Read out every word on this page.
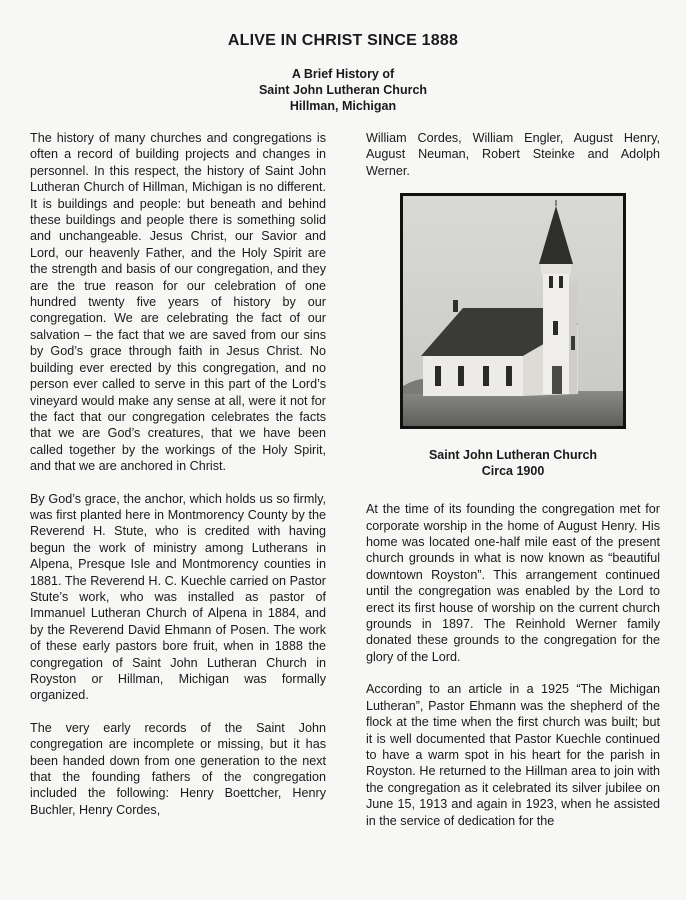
ALIVE IN CHRIST SINCE 1888
A Brief History of
Saint John Lutheran Church
Hillman, Michigan

The history of many churches and congregations is often a record of building projects and changes in personnel. In this respect, the history of Saint John Lutheran Church of Hillman, Michigan is no different. It is buildings and people: but beneath and behind these buildings and people there is something solid and unchangeable. Jesus Christ, our Savior and Lord, our heavenly Father, and the Holy Spirit are the strength and basis of our congregation, and they are the true reason for our celebration of one hundred twenty five years of history by our congregation. We are celebrating the fact of our salvation – the fact that we are saved from our sins by God’s grace through faith in Jesus Christ. No building ever erected by this congregation, and no person ever called to serve in this part of the Lord’s vineyard would make any sense at all, were it not for the fact that our congregation celebrates the facts that we are God’s creatures, that we have been called together by the workings of the Holy Spirit, and that we are anchored in Christ.

By God’s grace, the anchor, which holds us so firmly, was first planted here in Montmorency County by the Reverend H. Stute, who is credited with having begun the work of ministry among Lutherans in Alpena, Presque Isle and Montmorency counties in 1881. The Reverend H. C. Kuechle carried on Pastor Stute’s work, who was installed as pastor of Immanuel Lutheran Church of Alpena in 1884, and by the Reverend David Ehmann of Posen. The work of these early pastors bore fruit, when in 1888 the congregation of Saint John Lutheran Church in Royston or Hillman, Michigan was formally organized.

The very early records of the Saint John congregation are incomplete or missing, but it has been handed down from one generation to the next that the founding fathers of the congregation included the following: Henry Boettcher, Henry Buchler, Henry Cordes,

William Cordes, William Engler, August Henry, August Neuman, Robert Steinke and Adolph Werner.

Saint John Lutheran Church
Circa 1900

At the time of its founding the congregation met for corporate worship in the home of August Henry. His home was located one-half mile east of the present church grounds in what is now known as “beautiful downtown Royston”. This arrangement continued until the congregation was enabled by the Lord to erect its first house of worship on the current church grounds in 1897. The Reinhold Werner family donated these grounds to the congregation for the glory of the Lord.

According to an article in a 1925 “The Michigan Lutheran”, Pastor Ehmann was the shepherd of the flock at the time when the first church was built; but it is well documented that Pastor Kuechle continued to have a warm spot in his heart for the parish in Royston. He returned to the Hillman area to join with the congregation as it celebrated its silver jubilee on June 15, 1913 and again in 1923, when he assisted in the service of dedication for the
